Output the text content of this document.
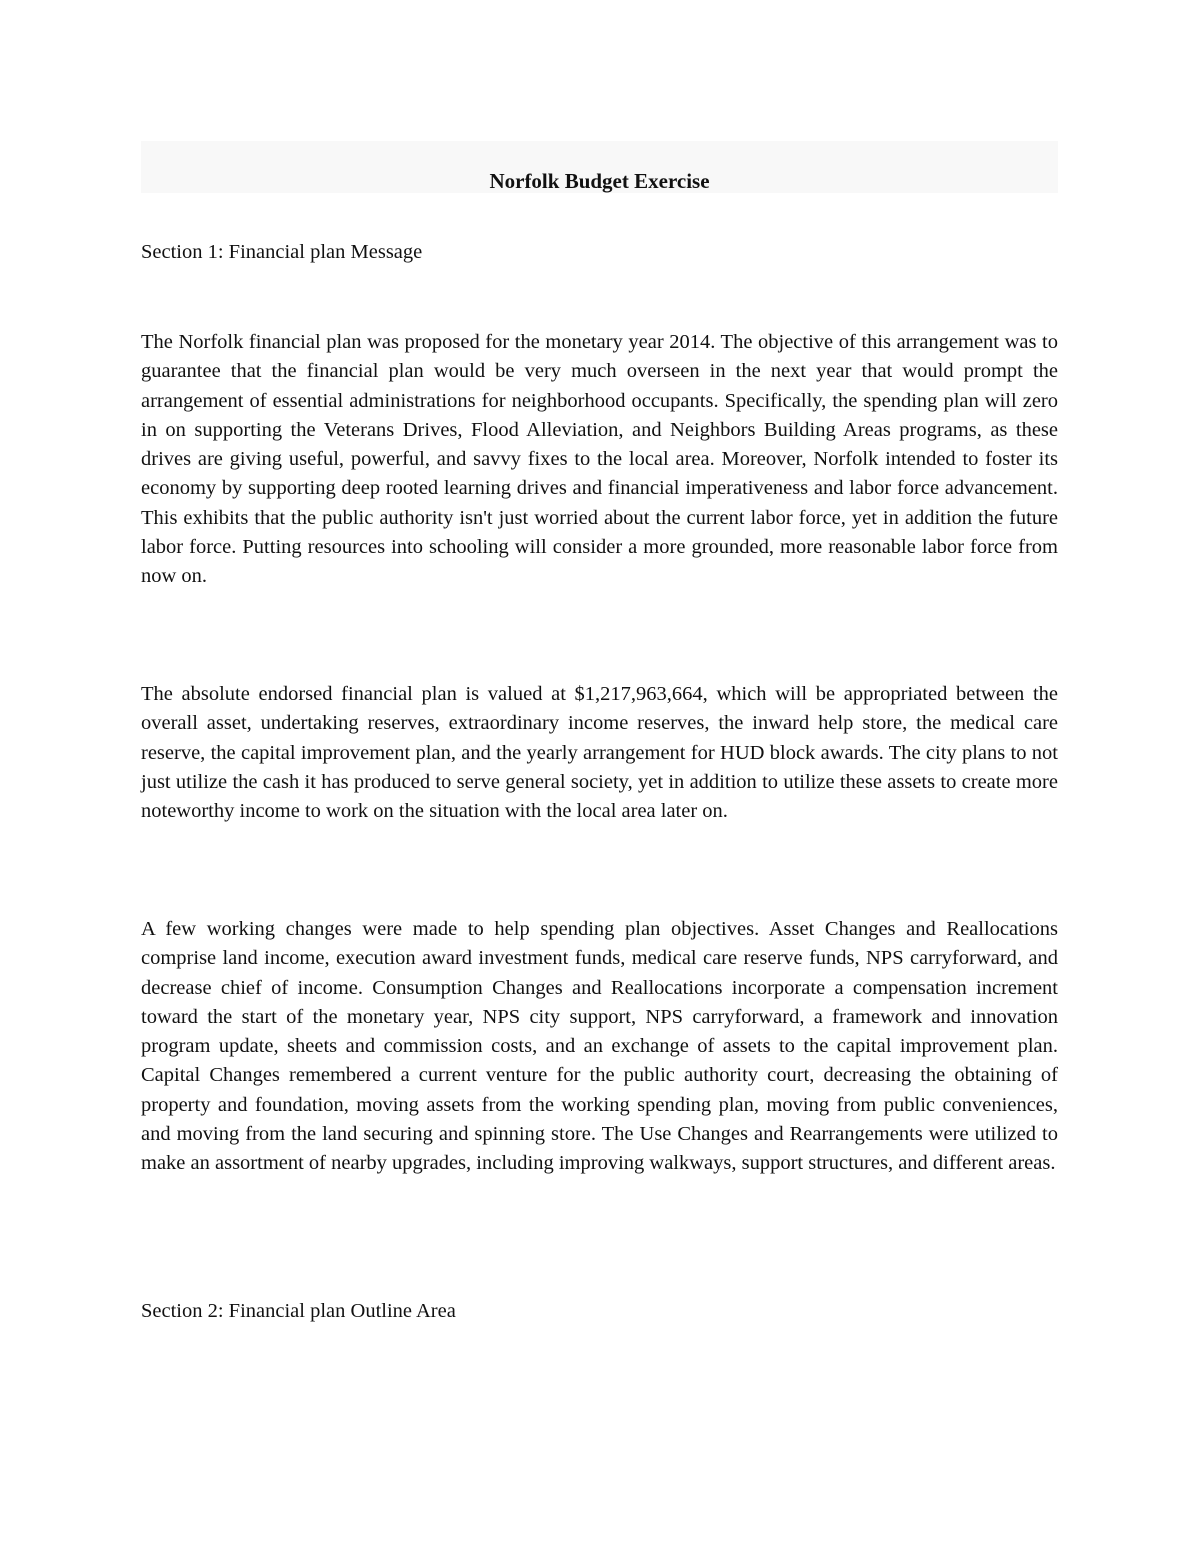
Norfolk Budget Exercise
Section 1: Financial plan Message

The Norfolk financial plan was proposed for the monetary year 2014. The objective of this arrangement was to guarantee that the financial plan would be very much overseen in the next year that would prompt the arrangement of essential administrations for neighborhood occupants. Specifically, the spending plan will zero in on supporting the Veterans Drives, Flood Alleviation, and Neighbors Building Areas programs, as these drives are giving useful, powerful, and savvy fixes to the local area. Moreover, Norfolk intended to foster its economy by supporting deep rooted learning drives and financial imperativeness and labor force advancement. This exhibits that the public authority isn't just worried about the current labor force, yet in addition the future labor force. Putting resources into schooling will consider a more grounded, more reasonable labor force from now on.

The absolute endorsed financial plan is valued at $1,217,963,664, which will be appropriated between the overall asset, undertaking reserves, extraordinary income reserves, the inward help store, the medical care reserve, the capital improvement plan, and the yearly arrangement for HUD block awards. The city plans to not just utilize the cash it has produced to serve general society, yet in addition to utilize these assets to create more noteworthy income to work on the situation with the local area later on.

A few working changes were made to help spending plan objectives. Asset Changes and Reallocations comprise land income, execution award investment funds, medical care reserve funds, NPS carryforward, and decrease chief of income. Consumption Changes and Reallocations incorporate a compensation increment toward the start of the monetary year, NPS city support, NPS carryforward, a framework and innovation program update, sheets and commission costs, and an exchange of assets to the capital improvement plan. Capital Changes remembered a current venture for the public authority court, decreasing the obtaining of property and foundation, moving assets from the working spending plan, moving from public conveniences, and moving from the land securing and spinning store. The Use Changes and Rearrangements were utilized to make an assortment of nearby upgrades, including improving walkways, support structures, and different areas.

Section 2: Financial plan Outline Area
